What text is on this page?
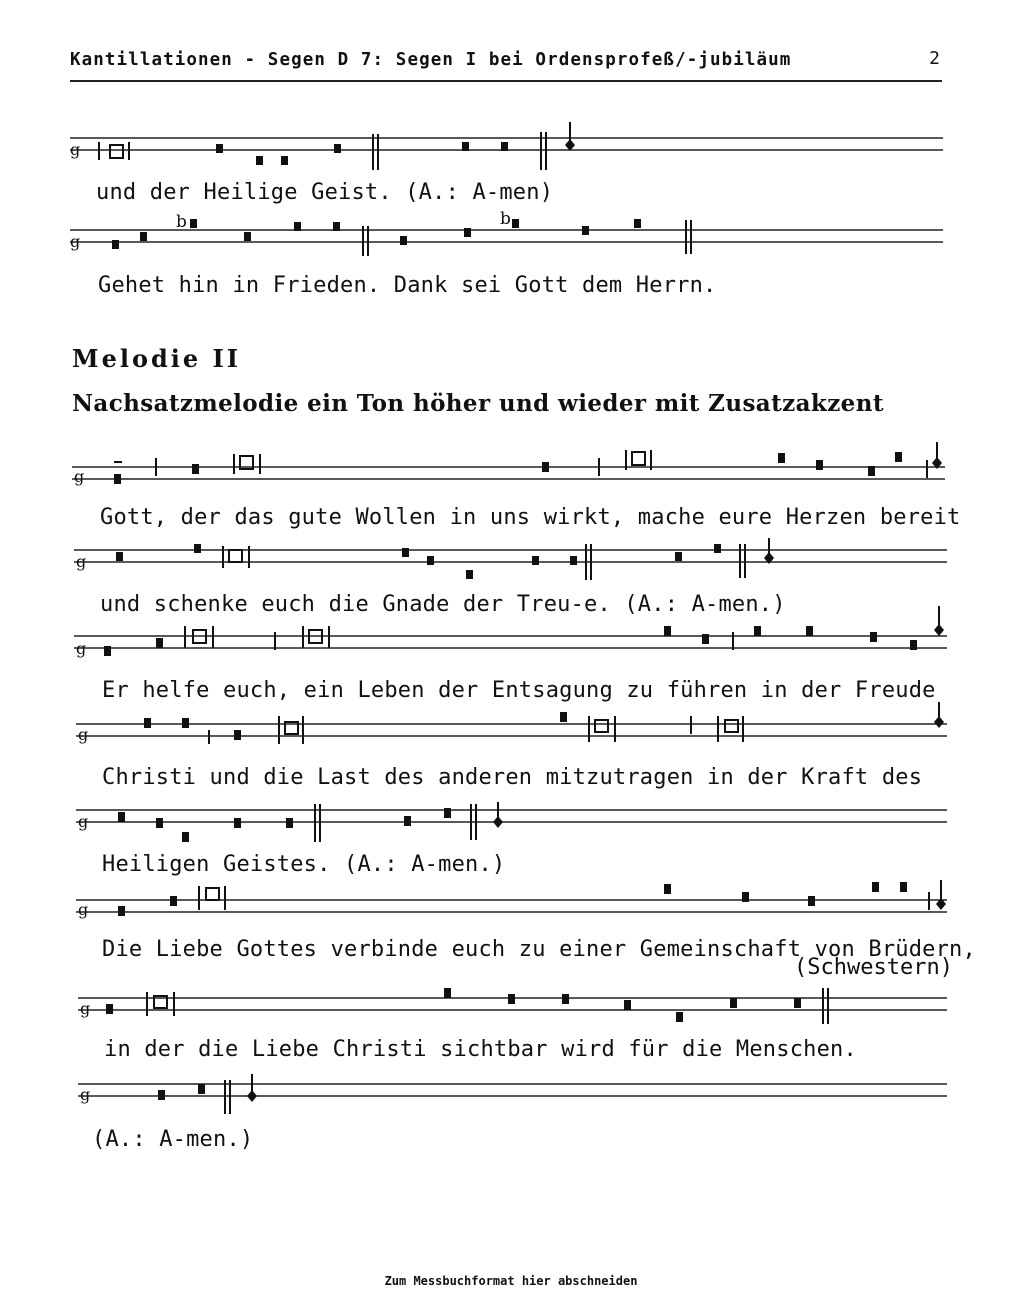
Kantillationen - Segen D 7: Segen I bei Ordensprofeß/-jubiläum	2
g
und der Heilige Geist. (A.: A-men)
g
b	b
Gehet hin in Frieden. Dank sei Gott dem Herrn.
Melodie II
Nachsatzmelodie ein Ton höher und wieder mit Zusatzakzent
g
Gott, der das gute Wollen in uns wirkt, mache eure Herzen bereit
g
und schenke euch die Gnade der Treu-e. (A.: A-men.)
g
Er helfe euch, ein Leben der Entsagung zu führen in der Freude
g
Christi und die Last des anderen mitzutragen in der Kraft des
g
Heiligen Geistes. (A.: A-men.)
g
Die Liebe Gottes verbinde euch zu einer Gemeinschaft von Brüdern,
(Schwestern)
g
in der die Liebe Christi sichtbar wird für die Menschen.
g
(A.: A-men.)
Zum Messbuchformat hier abschneiden
